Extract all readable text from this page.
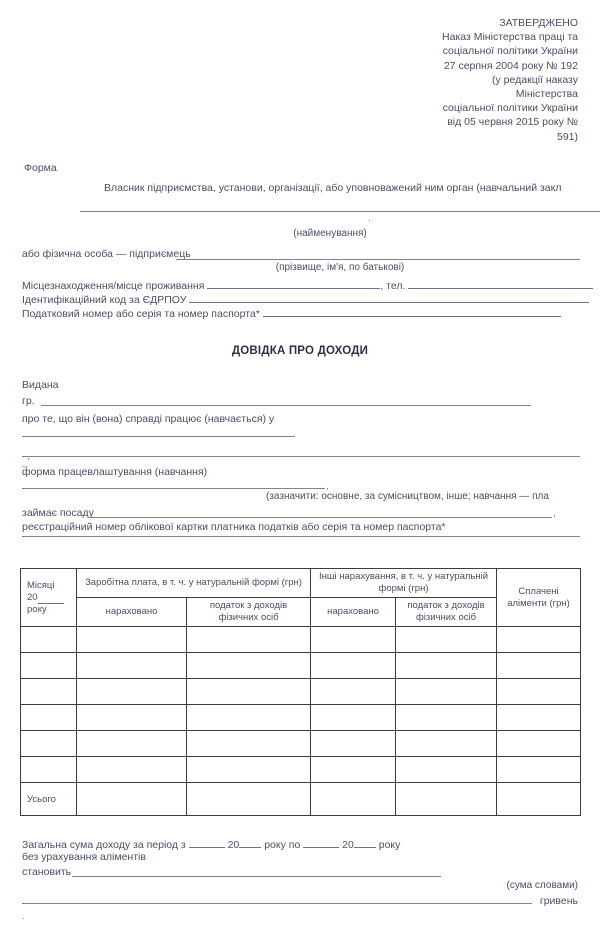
ЗАТВЕРДЖЕНО
Наказ Міністерства праці та
соціальної політики України
27 серпня 2004 року № 192
(у редакції наказу
Міністерства
соціальної політики України
від 05 червня 2015 року №
591)
Форма
Власник підприємства, установи, організації, або уповноважений ним орган (навчальний закл
.
(найменування)
або фізична особа — підприємець
(прізвище, ім'я, по батькові)
Місцезнаходження/місце проживання	, тел.
Ідентифікаційний код за ЄДРПОУ
Податковий номер або серія та номер паспорта*
ДОВІДКА ПРО ДОХОДИ
Видана
гр.
про те, що він (вона) справді працює (навчається) у
_'
форма працевлаштування (навчання)
,
(зазначити: основне, за сумісництвом, інше; навчання — пла
займає посаду	,
реєстраційний номер облікової картки платника податків або серія та номер паспорта*
Місяці
20
року	Заробітна плата, в т. ч. у натуральній формі (грн)		Інші нарахування, в т. ч. у натуральній формі (грн)		Сплачені аліменти (грн)
	нараховано	податок з доходів фізичних осіб	нараховано	податок з доходів фізичних осіб	

Усього					
Загальна сума доходу за період з	20 року по	20 року
без урахування аліментів
становить
(сума словами)
гривень
.
